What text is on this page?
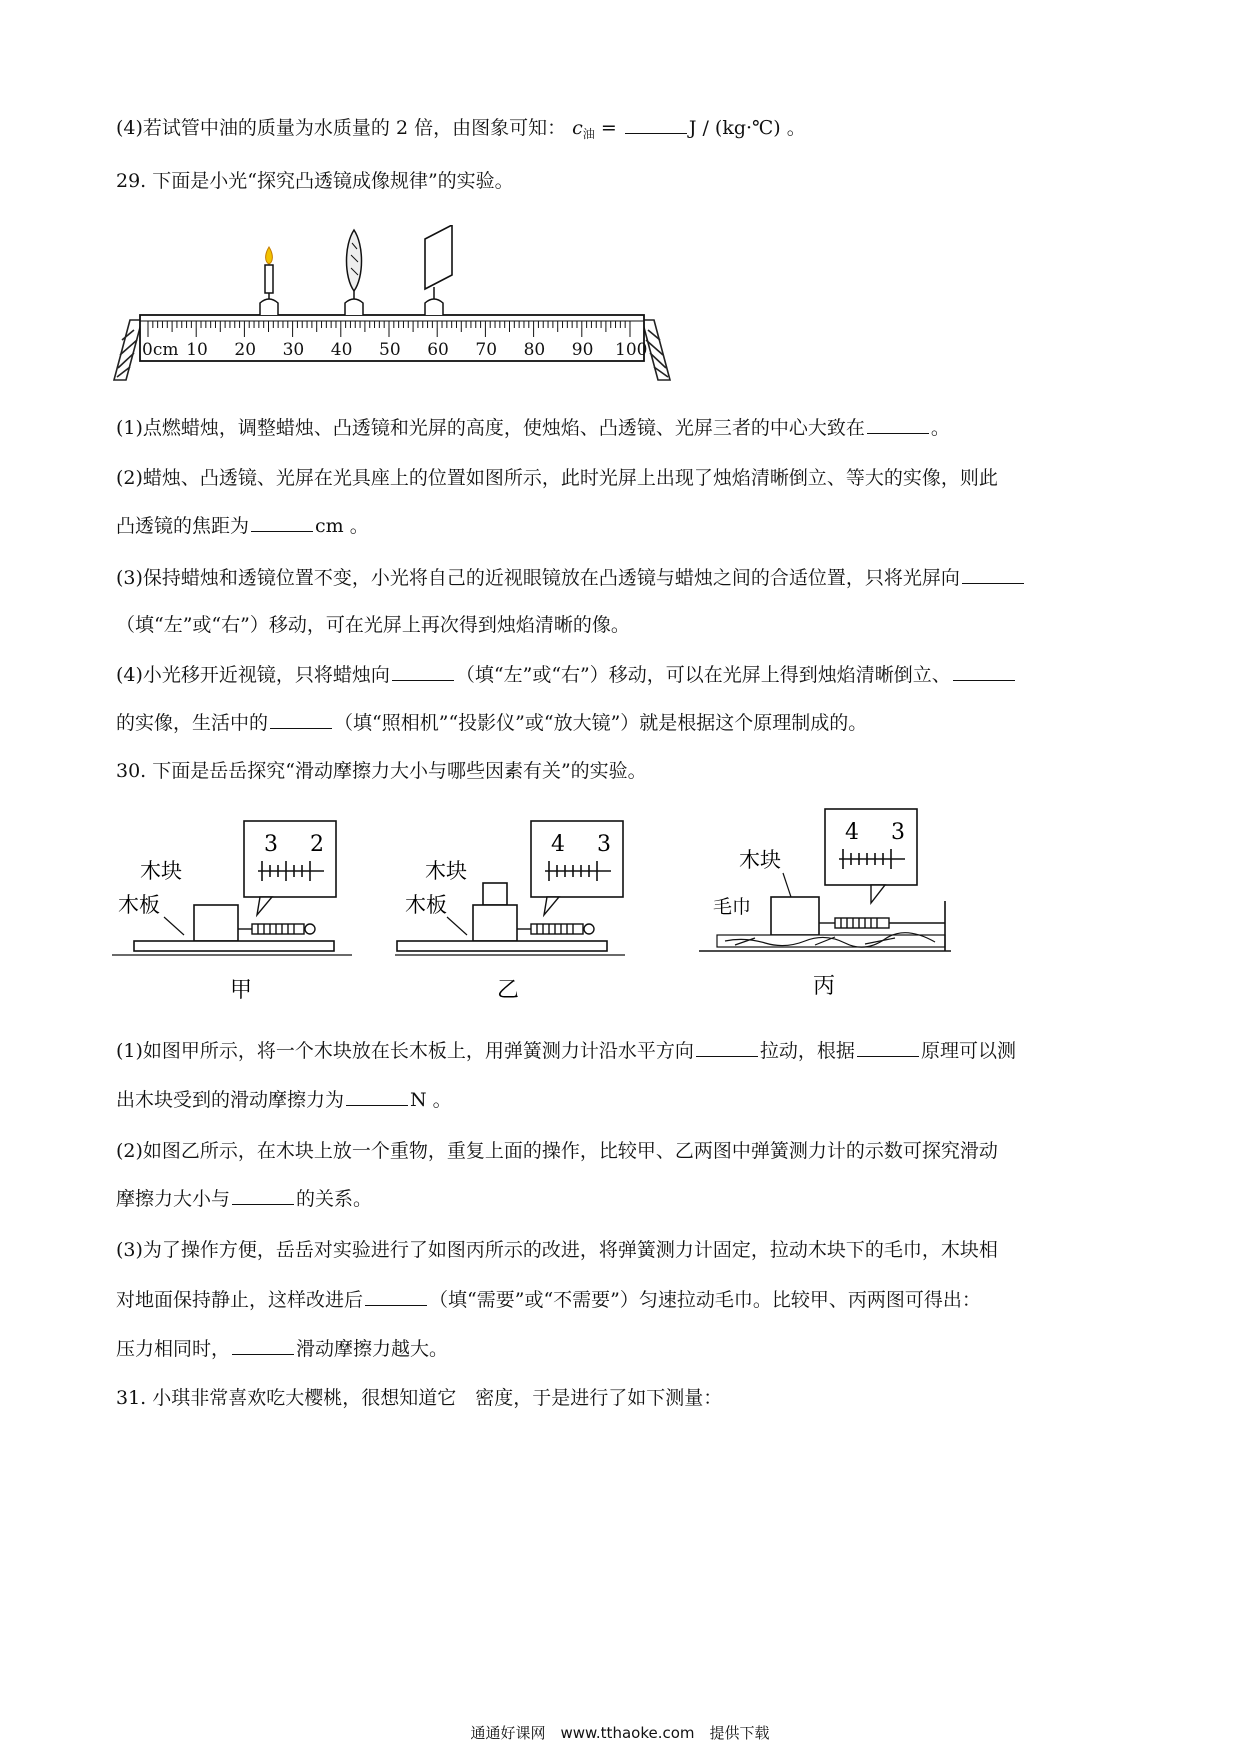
(4)若试管中油的质量为水质量的 2 倍，由图象可知： $c_油$ =	J / (kg·℃) 。
29. 下面是小光“探究凸透镜成像规律”的实验。
0cm 10 20 30 40 50 60 70 80 90 100
(1)点燃蜡烛，调整蜡烛、凸透镜和光屏的高度，使烛焰、凸透镜、光屏三者的中心大致在	。
(2)蜡烛、凸透镜、光屏在光具座上的位置如图所示，此时光屏上出现了烛焰清晰倒立、等大的实像，则此
凸透镜的焦距为	cm 。
(3)保持蜡烛和透镜位置不变，小光将自己的近视眼镜放在凸透镜与蜡烛之间的合适位置，只将光屏向
（填“左”或“右”）移动，可在光屏上再次得到烛焰清晰的像。
(4)小光移开近视镜，只将蜡烛向	（填“左”或“右”）移动，可以在光屏上得到烛焰清晰倒立、
的实像，生活中的	（填“照相机”“投影仪”或“放大镜”）就是根据这个原理制成的。
30. 下面是岳岳探究“滑动摩擦力大小与哪些因素有关”的实验。
3 2
木块
木板
甲
4 3
木块
木板
乙
4 3
木块
毛巾
丙
(1)如图甲所示，将一个木块放在长木板上，用弹簧测力计沿水平方向	拉动，根据	原理可以测
出木块受到的滑动摩擦力为	N 。
(2)如图乙所示，在木块上放一个重物，重复上面的操作，比较甲、乙两图中弹簧测力计的示数可探究滑动
摩擦力大小与	的关系。
(3)为了操作方便，岳岳对实验进行了如图丙所示的改进，将弹簧测力计固定，拉动木块下的毛巾，木块相
对地面保持静止，这样改进后	（填“需要”或“不需要”）匀速拉动毛巾。比较甲、丙两图可得出：
压力相同时，	滑动摩擦力越大。
31. 小琪非常喜欢吃大樱桃，很想知道它　密度，于是进行了如下测量：
通通好课网　www.tthaoke.com　提供下载
